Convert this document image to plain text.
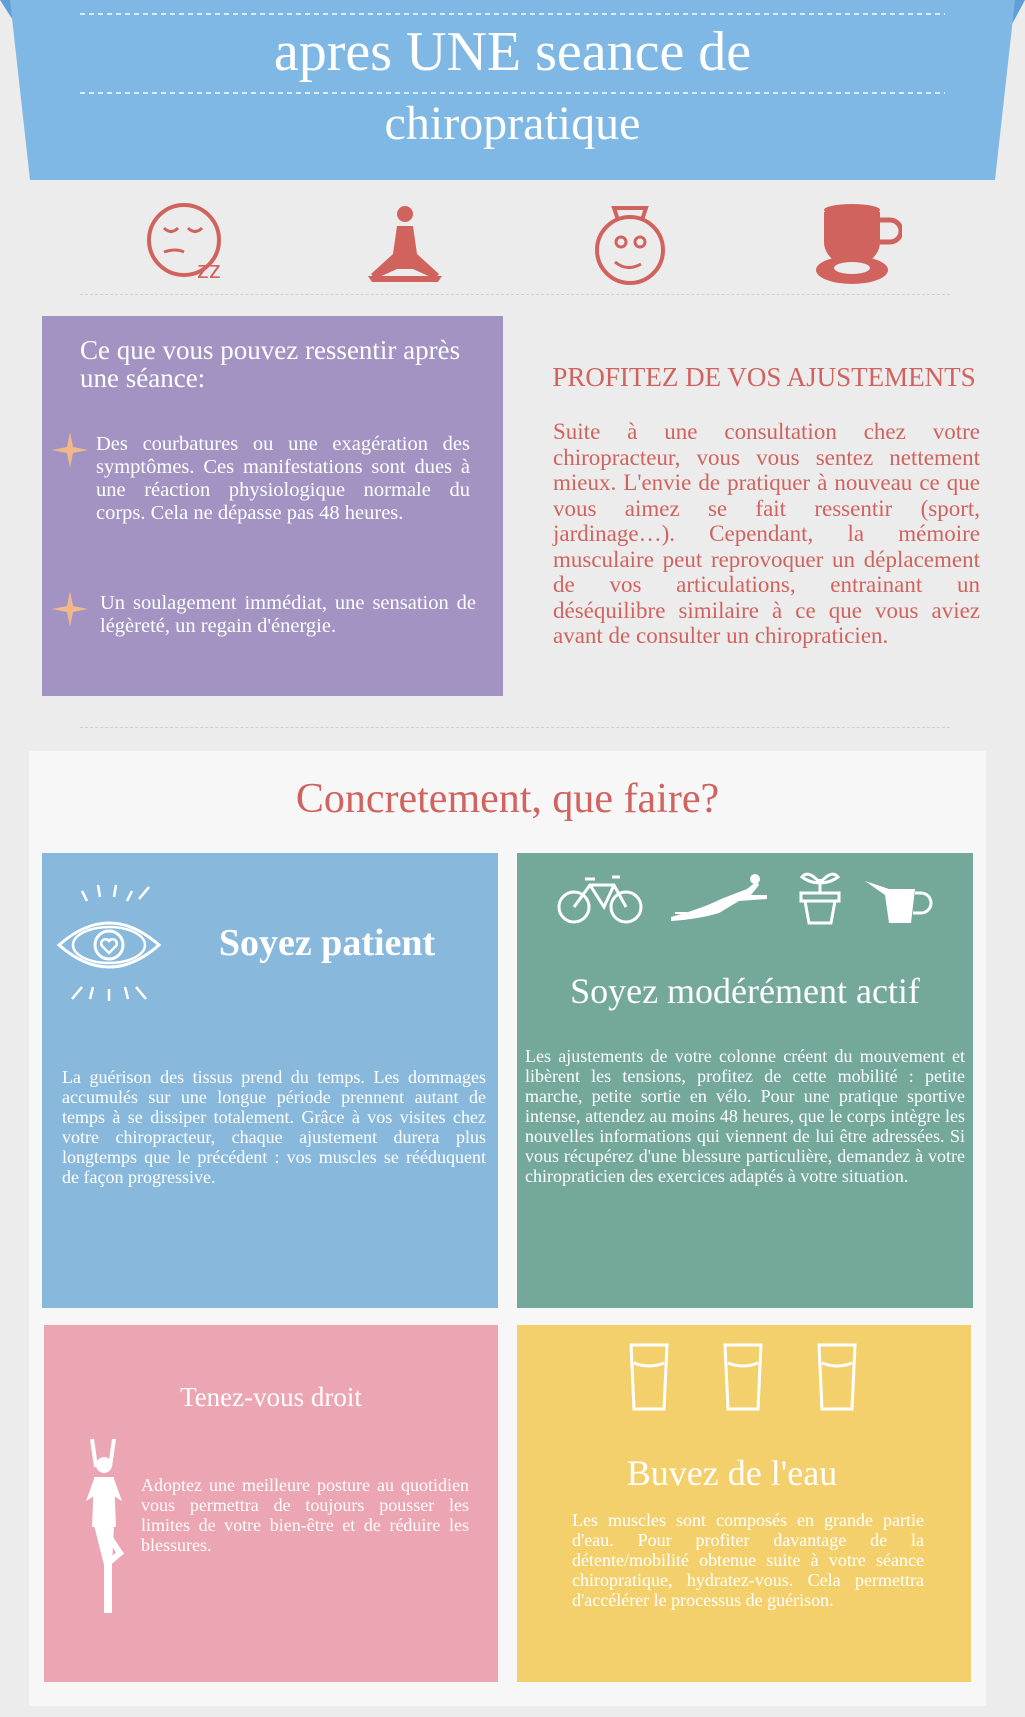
apres UNE seance de
chiropratique
zz
Ce que vous pouvez ressentir après une séance:
Des courbatures ou une exagération des symptômes. Ces manifestations sont dues à une réaction physiologique normale du corps. Cela ne dépasse pas 48 heures.
Un soulagement immédiat, une sensation de légèreté, un regain d'énergie.
PROFITEZ DE VOS AJUSTEMENTS
Suite à une consultation chez votre chiropracteur, vous vous sentez nettement mieux. L'envie de pratiquer à nouveau ce que vous aimez se fait ressentir (sport, jardinage…). Cependant, la mémoire musculaire peut reprovoquer un déplacement de vos articulations, entrainant un déséquilibre similaire à ce que vous aviez avant de consulter un chiropraticien.
Concretement, que faire?
Soyez patient
La guérison des tissus prend du temps. Les dommages accumulés sur une longue période prennent autant de temps à se dissiper totalement. Grâce à vos visites chez votre chiropracteur, chaque ajustement durera plus longtemps que le précédent : vos muscles se rééduquent de façon progressive.
Soyez modérément actif
Les ajustements de votre colonne créent du mouvement et libèrent les tensions, profitez de cette mobilité : petite marche, petite sortie en vélo. Pour une pratique sportive intense, attendez au moins 48 heures, que le corps intègre les nouvelles informations qui viennent de lui être adressées. Si vous récupérez d'une blessure particulière, demandez à votre chiropraticien des exercices adaptés à votre situation.
Tenez-vous droit
Adoptez une meilleure posture au quotidien vous permettra de toujours pousser les limites de votre bien-être et de réduire les blessures.
Buvez de l'eau
Les muscles sont composés en grande partie d'eau. Pour profiter davantage de la détente/mobilité obtenue suite à votre séance chiropratique, hydratez-vous. Cela permettra d'accélérer le processus de guérison.
